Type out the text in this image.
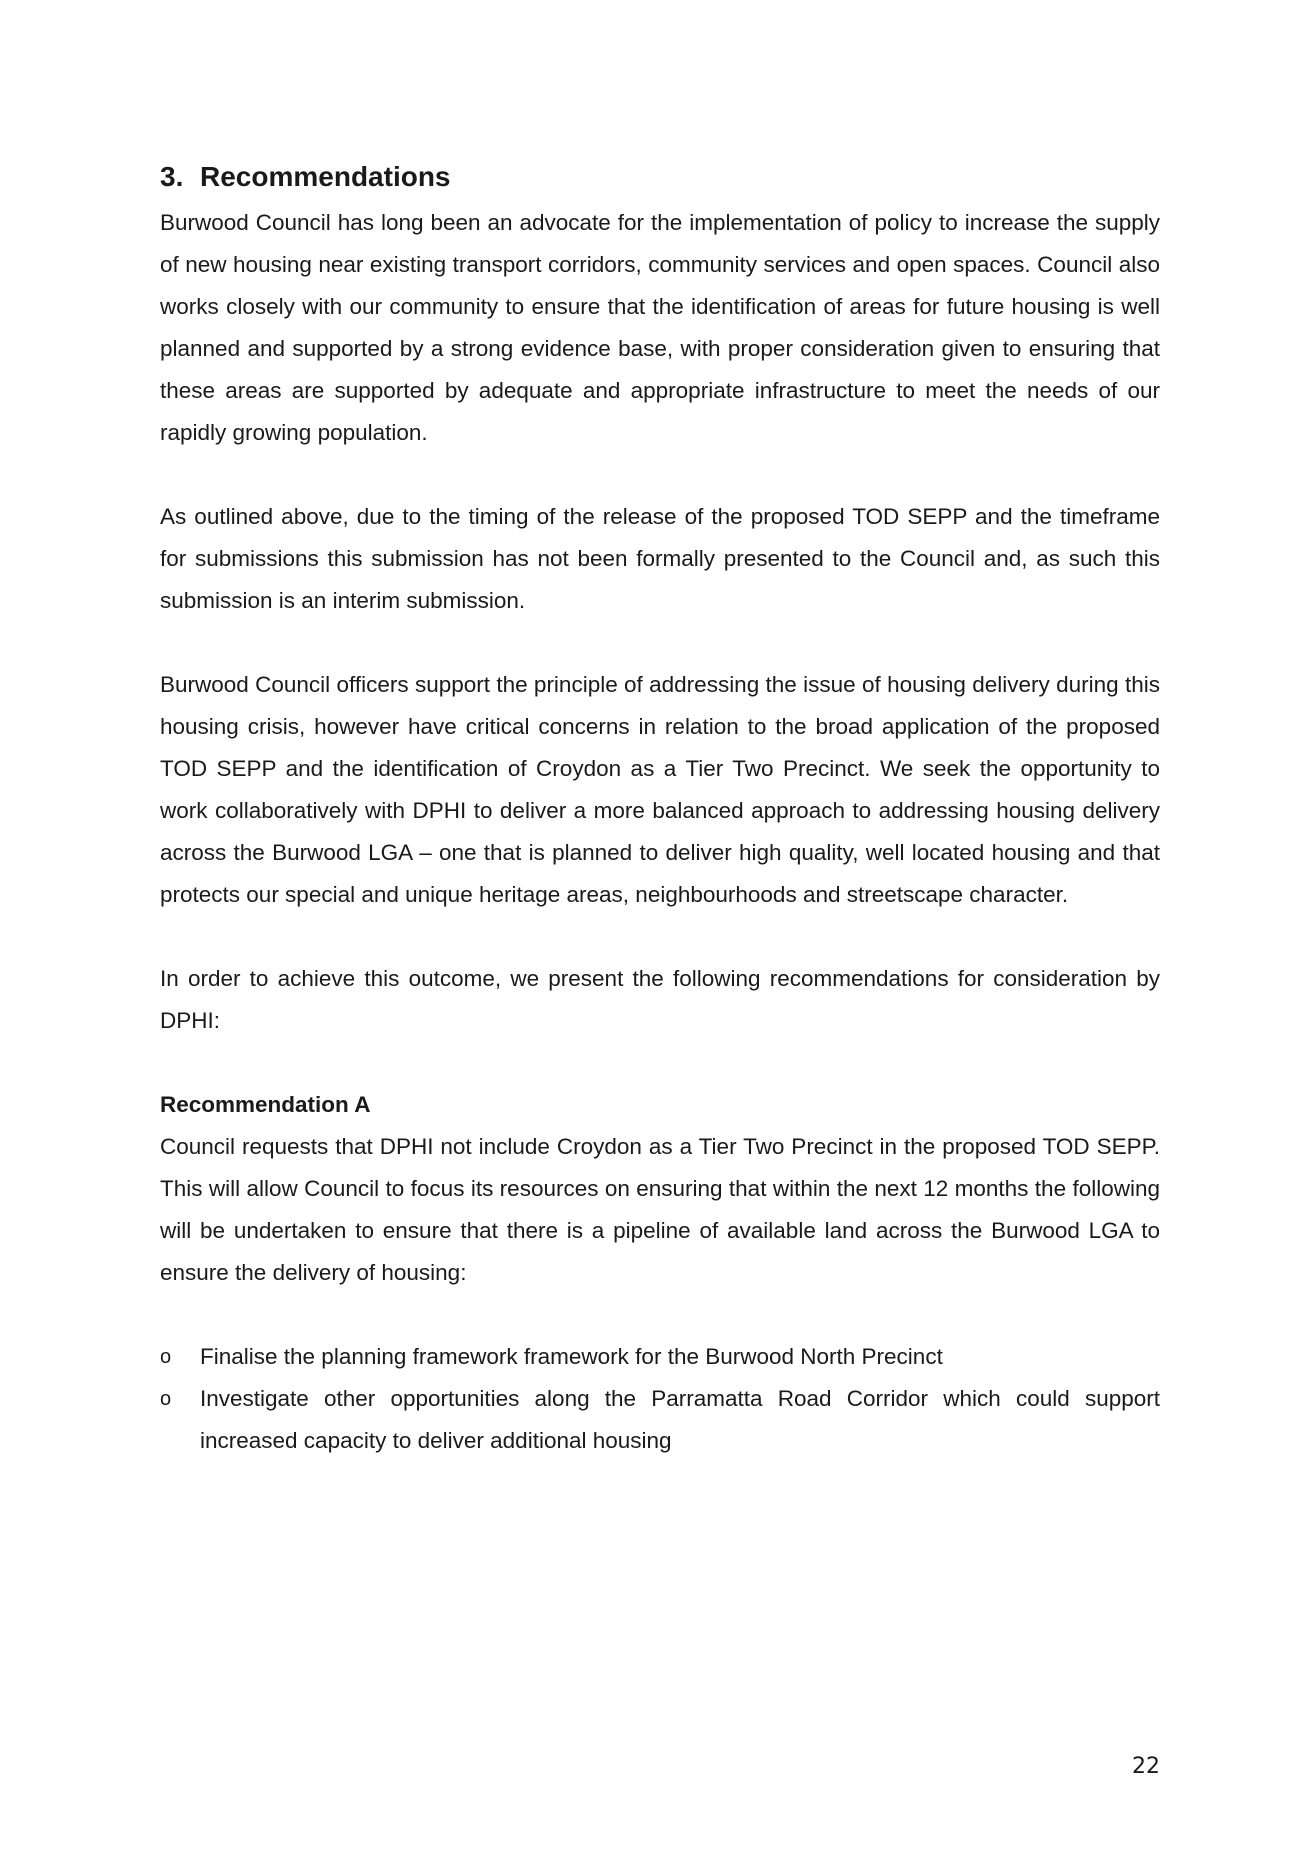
3. Recommendations

Burwood Council has long been an advocate for the implementation of policy to increase the supply of new housing near existing transport corridors, community services and open spaces. Council also works closely with our community to ensure that the identification of areas for future housing is well planned and supported by a strong evidence base, with proper consideration given to ensuring that these areas are supported by adequate and appropriate infrastructure to meet the needs of our rapidly growing population.

As outlined above, due to the timing of the release of the proposed TOD SEPP and the timeframe for submissions this submission has not been formally presented to the Council and, as such this submission is an interim submission.

Burwood Council officers support the principle of addressing the issue of housing delivery during this housing crisis, however have critical concerns in relation to the broad application of the proposed TOD SEPP and the identification of Croydon as a Tier Two Precinct. We seek the opportunity to work collaboratively with DPHI to deliver a more balanced approach to addressing housing delivery across the Burwood LGA – one that is planned to deliver high quality, well located housing and that protects our special and unique heritage areas, neighbourhoods and streetscape character.

In order to achieve this outcome, we present the following recommendations for consideration by DPHI:

Recommendation A

Council requests that DPHI not include Croydon as a Tier Two Precinct in the proposed TOD SEPP. This will allow Council to focus its resources on ensuring that within the next 12 months the following will be undertaken to ensure that there is a pipeline of available land across the Burwood LGA to ensure the delivery of housing:

o	Finalise the planning framework framework for the Burwood North Precinct
o	Investigate other opportunities along the Parramatta Road Corridor which could support increased capacity to deliver additional housing
22
